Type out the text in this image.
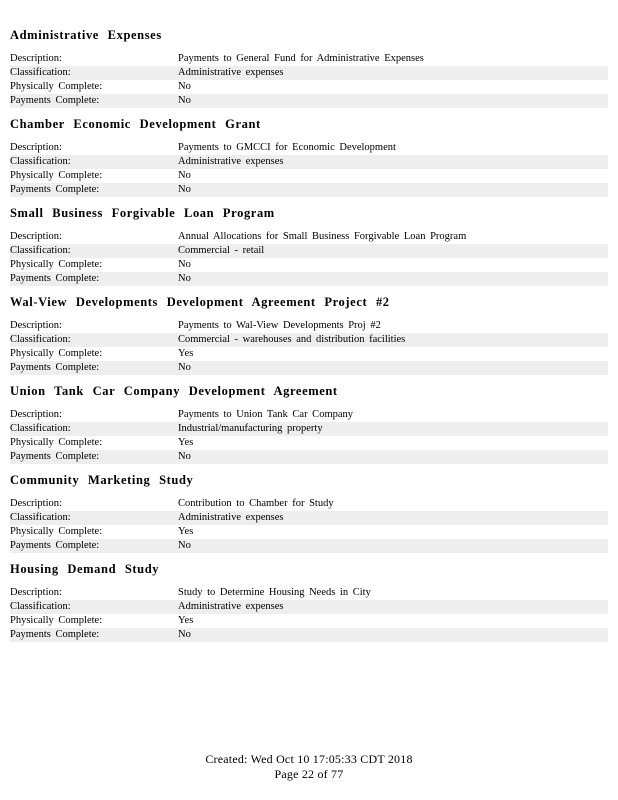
Administrative Expenses
Description:	Payments to General Fund for Administrative Expenses
Classification:	Administrative expenses
Physically Complete:	No
Payments Complete:	No
Chamber Economic Development Grant
Description:	Payments to GMCCI for Economic Development
Classification:	Administrative expenses
Physically Complete:	No
Payments Complete:	No
Small Business Forgivable Loan Program
Description:	Annual Allocations for Small Business Forgivable Loan Program
Classification:	Commercial - retail
Physically Complete:	No
Payments Complete:	No
Wal-View Developments Development Agreement Project #2
Description:	Payments to Wal-View Developments Proj #2
Classification:	Commercial - warehouses and distribution facilities
Physically Complete:	Yes
Payments Complete:	No
Union Tank Car Company Development Agreement
Description:	Payments to Union Tank Car Company
Classification:	Industrial/manufacturing property
Physically Complete:	Yes
Payments Complete:	No
Community Marketing Study
Description:	Contribution to Chamber for Study
Classification:	Administrative expenses
Physically Complete:	Yes
Payments Complete:	No
Housing Demand Study
Description:	Study to Determine Housing Needs in City
Classification:	Administrative expenses
Physically Complete:	Yes
Payments Complete:	No
Created: Wed Oct 10 17:05:33 CDT 2018
Page 22 of 77
